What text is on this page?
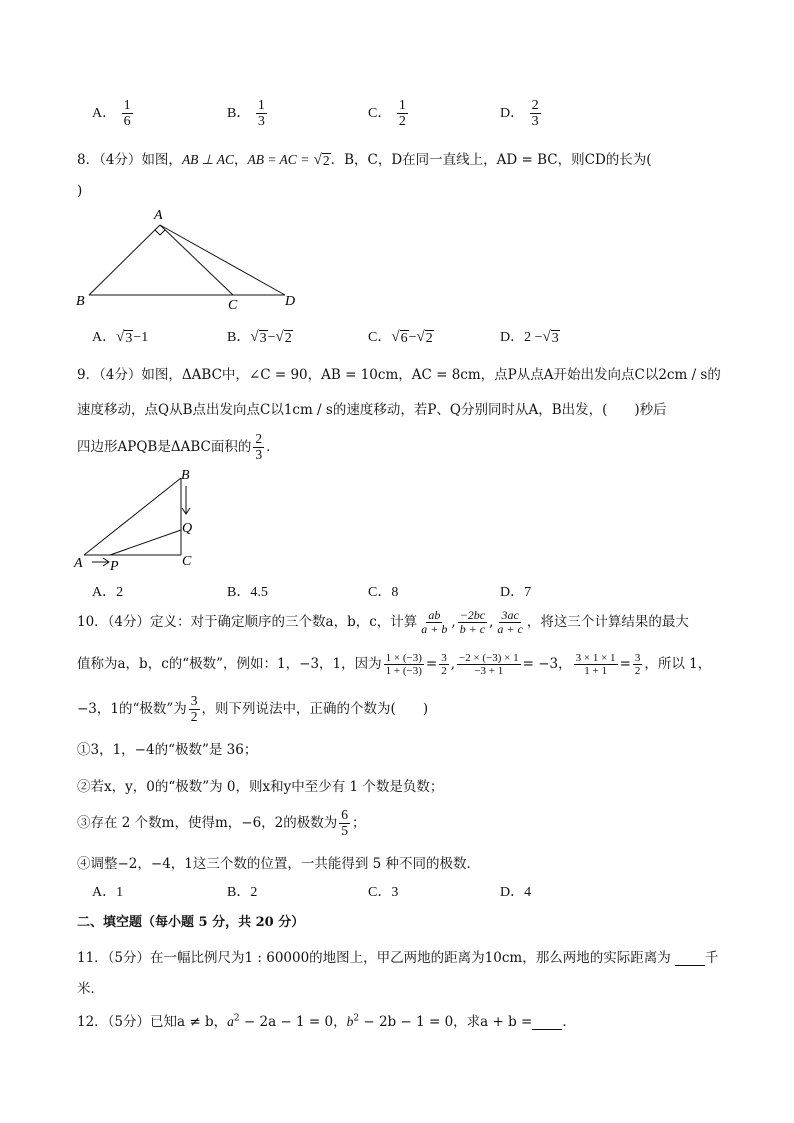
A． $\frac{1}{6}$	B． $\frac{1}{3}$	C． $\frac{1}{2}$	D． $\frac{2}{3}$
8．（4分）如图，AB ⊥ AC，AB = AC = √ 2 ．B，C，D在同一直线上，AD = BC，则CD的长为(
)
A
B	C	D
A． √ 3 −1	B． √ 3 − √ 2	C． √ 6 − √ 2	D．2 − √ 3
9．（4分）如图，ΔABC中，∠C = 90，AB = 10cm，AC = 8cm，点P从点A开始出发向点C以2cm / s的
速度移动，点Q从B点出发向点C以1cm / s的速度移动，若P、Q分别同时从A，B出发，(　　)秒后
四边形APQB是ΔABC面积的 $\frac{2}{3}$ ．
B
Q
C
A P
A．2	B．4.5	C．8	D．7
10．（4分）定义：对于确定顺序的三个数a，b，c，计算 $\frac{ab}{a + b}$ , $\frac{-2bc}{b + c}$ , $\frac{3ac}{a + c}$ ，将这三个计算结果的最大
值称为a，b，c的“极数”，例如：1，−3，1，因为 $\frac{1 \times (-3)}{1 + (-3)} = \frac{3}{2}$ , $\frac{-2 \times (-3) \times 1}{-3 + 1} = -3$， $\frac{3 \times 1 \times 1}{1 + 1} = \frac{3}{2}$ ，所以 1，
−3，1的“极数”为 $\frac{3}{2}$ ，则下列说法中，正确的个数为(　　)
①3，1，−4的“极数”是 36；
②若x，y，0的“极数”为 0，则x和y中至少有 1 个数是负数；
③存在 2 个数m，使得m，−6，2的极数为 $\frac{6}{5}$ ；
④调整−2，−4，1这三个数的位置，一共能得到 5 种不同的极数．
A．1	B．2	C．3	D．4
二、填空题（每小题 5 分，共 20 分）
11．（5分）在一幅比例尺为1 : 60000的地图上，甲乙两地的距离为10cm，那么两地的实际距离为	千
米．
12．（5分）已知a ≠ b，$a^2 - 2a - 1 = 0$，$b^2 - 2b - 1 = 0$，求a + b = ．
